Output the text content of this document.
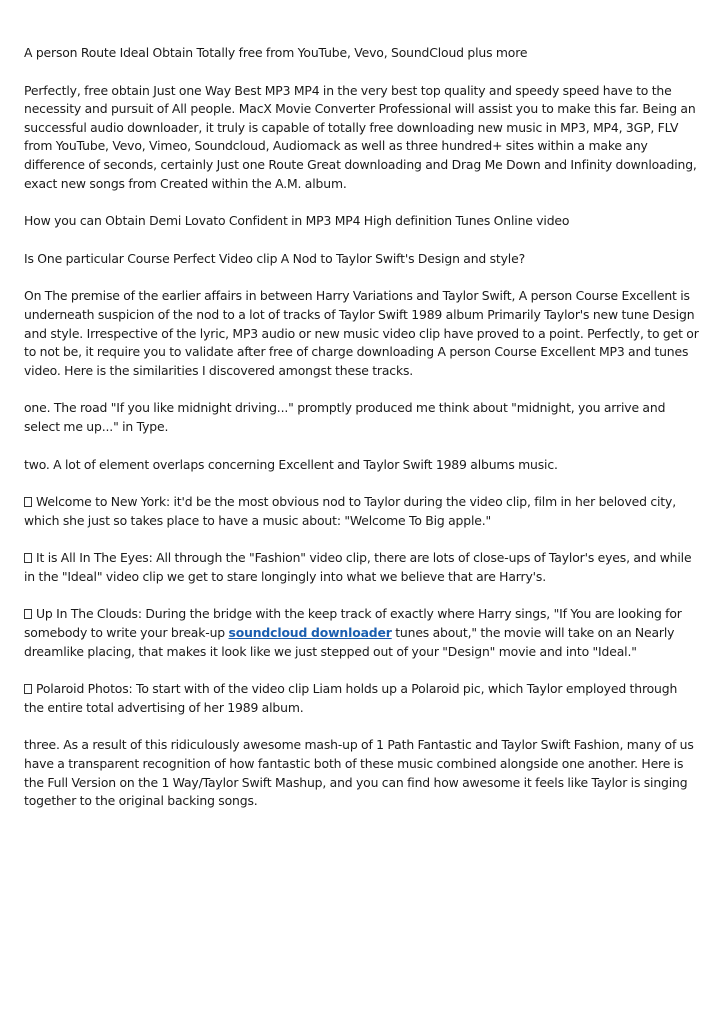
A person Route Ideal Obtain Totally free from YouTube, Vevo, SoundCloud plus more

Perfectly, free obtain Just one Way Best MP3 MP4 in the very best top quality and speedy speed have to the necessity and pursuit of All people. MacX Movie Converter Professional will assist you to make this far. Being an successful audio downloader, it truly is capable of totally free downloading new music in MP3, MP4, 3GP, FLV from YouTube, Vevo, Vimeo, Soundcloud, Audiomack as well as three hundred+ sites within a make any difference of seconds, certainly Just one Route Great downloading and Drag Me Down and Infinity downloading, exact new songs from Created within the A.M. album.

How you can Obtain Demi Lovato Confident in MP3 MP4 High definition Tunes Online video

Is One particular Course Perfect Video clip A Nod to Taylor Swift's Design and style?

On The premise of the earlier affairs in between Harry Variations and Taylor Swift, A person Course Excellent is underneath suspicion of the nod to a lot of tracks of Taylor Swift 1989 album Primarily Taylor's new tune Design and style. Irrespective of the lyric, MP3 audio or new music video clip have proved to a point. Perfectly, to get or to not be, it require you to validate after free of charge downloading A person Course Excellent MP3 and tunes video. Here is the similarities I discovered amongst these tracks.

one. The road "If you like midnight driving..." promptly produced me think about "midnight, you arrive and select me up..." in Type.

two. A lot of element overlaps concerning Excellent and Taylor Swift 1989 albums music.

Welcome to New York: it'd be the most obvious nod to Taylor during the video clip, film in her beloved city, which she just so takes place to have a music about: "Welcome To Big apple."

It is All In The Eyes: All through the "Fashion" video clip, there are lots of close-ups of Taylor's eyes, and while in the "Ideal" video clip we get to stare longingly into what we believe that are Harry's.

Up In The Clouds: During the bridge with the keep track of exactly where Harry sings, "If You are looking for somebody to write your break-up soundcloud downloader tunes about," the movie will take on an Nearly dreamlike placing, that makes it look like we just stepped out of your "Design" movie and into "Ideal."

Polaroid Photos: To start with of the video clip Liam holds up a Polaroid pic, which Taylor employed through the entire total advertising of her 1989 album.

three. As a result of this ridiculously awesome mash-up of 1 Path Fantastic and Taylor Swift Fashion, many of us have a transparent recognition of how fantastic both of these music combined alongside one another. Here is the Full Version on the 1 Way/Taylor Swift Mashup, and you can find how awesome it feels like Taylor is singing together to the original backing songs.
